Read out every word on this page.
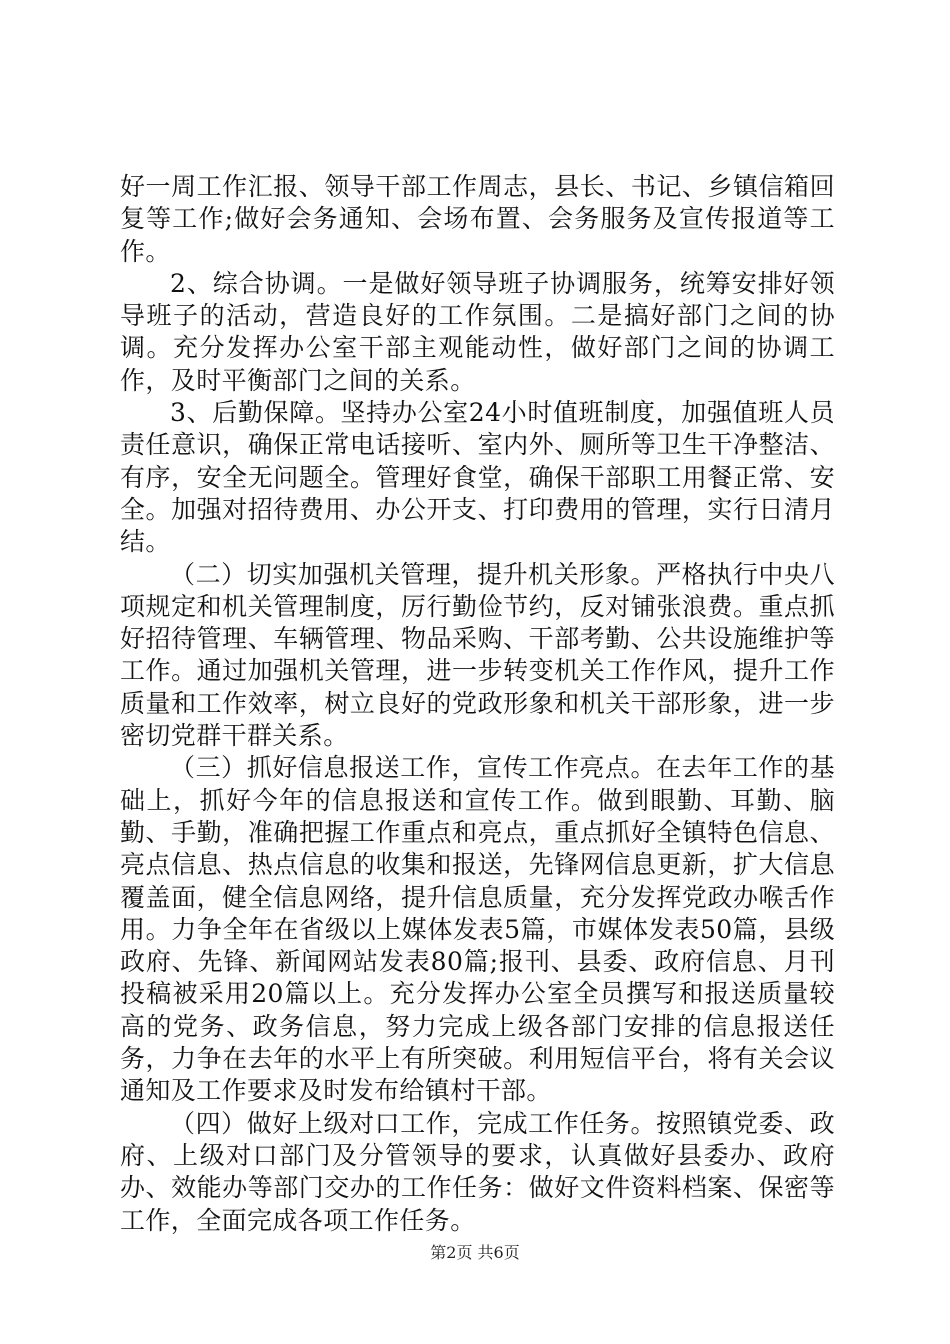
好一周工作汇报、领导干部工作周志，县长、书记、乡镇信箱回复等工作;做好会务通知、会场布置、会务服务及宣传报道等工作。

2、综合协调。一是做好领导班子协调服务，统筹安排好领导班子的活动，营造良好的工作氛围。二是搞好部门之间的协调。充分发挥办公室干部主观能动性，做好部门之间的协调工作，及时平衡部门之间的关系。

3、后勤保障。坚持办公室24小时值班制度，加强值班人员责任意识，确保正常电话接听、室内外、厕所等卫生干净整洁、有序，安全无问题全。管理好食堂，确保干部职工用餐正常、安全。加强对招待费用、办公开支、打印费用的管理，实行日清月结。

（二）切实加强机关管理，提升机关形象。严格执行中央八项规定和机关管理制度，厉行勤俭节约，反对铺张浪费。重点抓好招待管理、车辆管理、物品采购、干部考勤、公共设施维护等工作。通过加强机关管理，进一步转变机关工作作风，提升工作质量和工作效率，树立良好的党政形象和机关干部形象，进一步密切党群干群关系。

（三）抓好信息报送工作，宣传工作亮点。在去年工作的基础上，抓好今年的信息报送和宣传工作。做到眼勤、耳勤、脑勤、手勤，准确把握工作重点和亮点，重点抓好全镇特色信息、亮点信息、热点信息的收集和报送，先锋网信息更新，扩大信息覆盖面，健全信息网络，提升信息质量，充分发挥党政办喉舌作用。力争全年在省级以上媒体发表5篇，市媒体发表50篇，县级政府、先锋、新闻网站发表80篇;报刊、县委、政府信息、月刊投稿被采用20篇以上。充分发挥办公室全员撰写和报送质量较高的党务、政务信息，努力完成上级各部门安排的信息报送任务，力争在去年的水平上有所突破。利用短信平台，将有关会议通知及工作要求及时发布给镇村干部。

（四）做好上级对口工作，完成工作任务。按照镇党委、政府、上级对口部门及分管领导的要求，认真做好县委办、政府办、效能办等部门交办的工作任务：做好文件资料档案、保密等工作，全面完成各项工作任务。

第2页 共6页
